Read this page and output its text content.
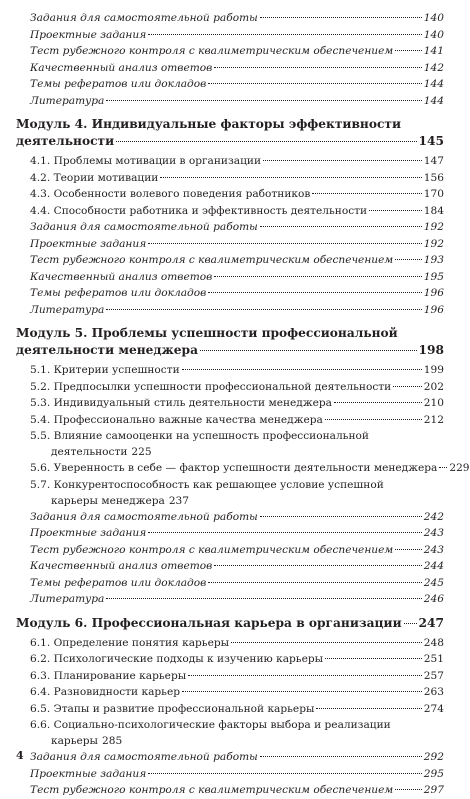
Задания для самостоятельной работы	140
Проектные задания	140
Тест рубежного контроля с квалиметрическим обеспечением	141
Качественный анализ ответов	142
Темы рефератов или докладов	144
Литература	144
Модуль 4. Индивидуальные факторы эффективности
деятельности	145
4.1. Проблемы мотивации в организации	147
4.2. Теории мотивации	156
4.3. Особенности волевого поведения работников	170
4.4. Способности работника и эффективность деятельности	184
Задания для самостоятельной работы	192
Проектные задания	192
Тест рубежного контроля с квалиметрическим обеспечением	193
Качественный анализ ответов	195
Темы рефератов или докладов	196
Литература	196
Модуль 5. Проблемы успешности профессиональной
деятельности менеджера	198
5.1. Критерии успешности	199
5.2. Предпосылки успешности профессиональной деятельности	202
5.3. Индивидуальный стиль деятельности менеджера	210
5.4. Профессионально важные качества менеджера	212
5.5. Влияние самооценки на успешность профессиональной
деятельности 225
5.6. Уверенность в себе — фактор успешности деятельности менеджера 229
5.7. Конкурентоспособность как решающее условие успешной
карьеры менеджера 237
Задания для самостоятельной работы	242
Проектные задания	243
Тест рубежного контроля с квалиметрическим обеспечением	243
Качественный анализ ответов	244
Темы рефератов или докладов	245
Литература	246
Модуль 6. Профессиональная карьера в организации 247
6.1. Определение понятия карьеры	248
6.2. Психологические подходы к изучению карьеры	251
6.3. Планирование карьеры	257
6.4. Разновидности карьер	263
6.5. Этапы и развитие профессиональной карьеры	274
6.6. Социально-психологические факторы выбора и реализации
карьеры 285
Задания для самостоятельной работы	292
Проектные задания	295
Тест рубежного контроля с квалиметрическим обеспечением	297
4
